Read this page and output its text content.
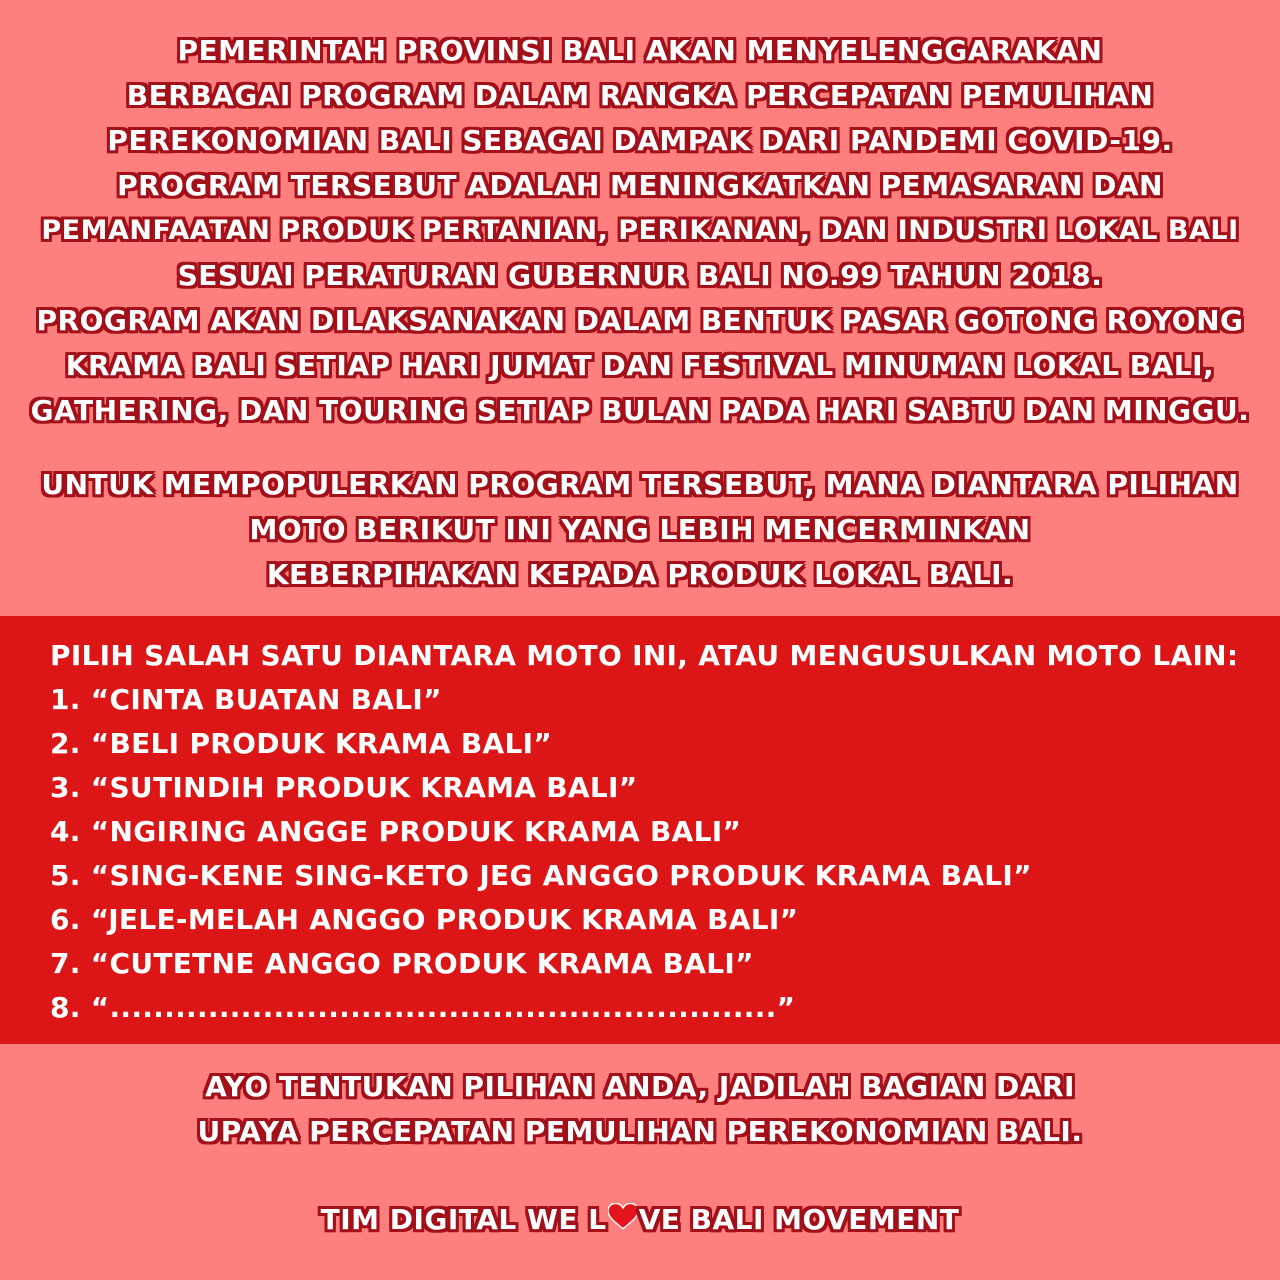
PEMERINTAH PROVINSI BALI AKAN MENYELENGGARAKAN
BERBAGAI PROGRAM DALAM RANGKA PERCEPATAN PEMULIHAN
PEREKONOMIAN BALI SEBAGAI DAMPAK DARI PANDEMI COVID-19.
PROGRAM TERSEBUT ADALAH MENINGKATKAN PEMASARAN DAN
PEMANFAATAN PRODUK PERTANIAN, PERIKANAN, DAN INDUSTRI LOKAL BALI
SESUAI PERATURAN GUBERNUR BALI NO.99 TAHUN 2018.
PROGRAM AKAN DILAKSANAKAN DALAM BENTUK PASAR GOTONG ROYONG
KRAMA BALI SETIAP HARI JUMAT DAN FESTIVAL MINUMAN LOKAL BALI,
GATHERING, DAN TOURING SETIAP BULAN PADA HARI SABTU DAN MINGGU.
UNTUK MEMPOPULERKAN PROGRAM TERSEBUT, MANA DIANTARA PILIHAN
MOTO BERIKUT INI YANG LEBIH MENCERMINKAN
KEBERPIHAKAN KEPADA PRODUK LOKAL BALI.
PILIH SALAH SATU DIANTARA MOTO INI, ATAU MENGUSULKAN MOTO LAIN:
1. “CINTA BUATAN BALI”
2. “BELI PRODUK KRAMA BALI”
3. “SUTINDIH PRODUK KRAMA BALI”
4. “NGIRING ANGGE PRODUK KRAMA BALI”
5. “SING-KENE SING-KETO JEG ANGGO PRODUK KRAMA BALI”
6. “JELE-MELAH ANGGO PRODUK KRAMA BALI”
7. “CUTETNE ANGGO PRODUK KRAMA BALI”
8. “.............................................................”
AYO TENTUKAN PILIHAN ANDA, JADILAH BAGIAN DARI
UPAYA PERCEPATAN PEMULIHAN PEREKONOMIAN BALI.
TIM DIGITAL WE L VE BALI MOVEMENT
